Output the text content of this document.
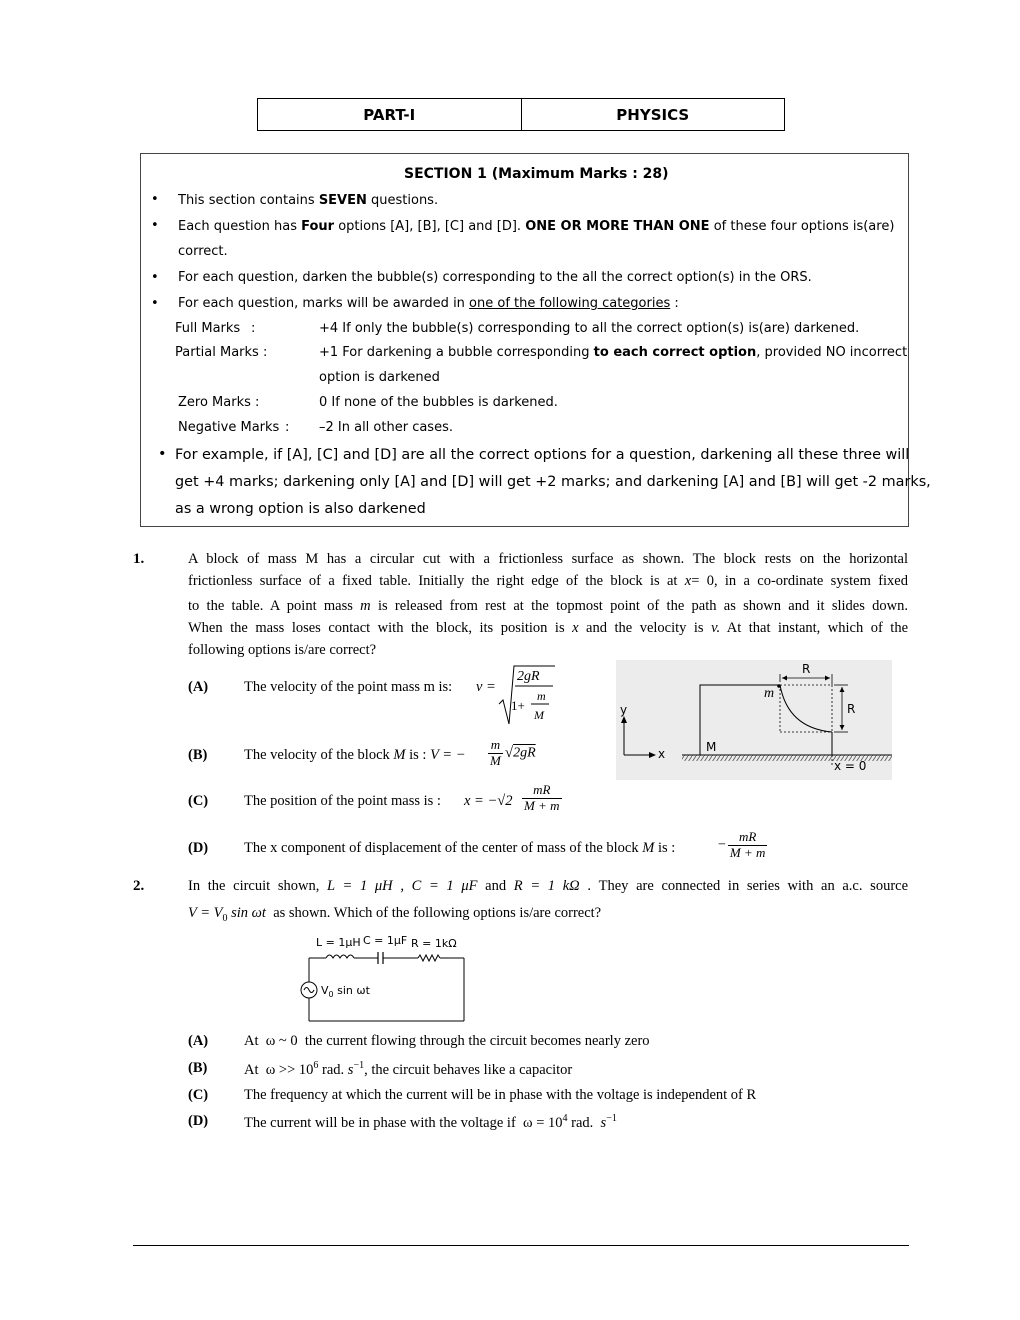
PART-I	PHYSICS
SECTION 1 (Maximum Marks : 28)
• This section contains SEVEN questions.
• Each question has Four options [A], [B], [C] and [D]. ONE OR MORE THAN ONE of these four options is(are)
correct.
• For each question, darken the bubble(s) corresponding to the all the correct option(s) in the ORS.
• For each question, marks will be awarded in one of the following categories :
Full Marks :	+4 If only the bubble(s) corresponding to all the correct option(s) is(are) darkened.
Partial Marks :	+1 For darkening a bubble corresponding to each correct option, provided NO incorrect
option is darkened
Zero Marks :	0 If none of the bubbles is darkened.
Negative Marks : –2 In all other cases.
• For example, if [A], [C] and [D] are all the correct options for a question, darkening all these three will
get +4 marks; darkening only [A] and [D] will get +2 marks; and darkening [A] and [B] will get -2 marks,
as a wrong option is also darkened
1.	A block of mass M has a circular cut with a frictionless surface as shown. The block rests on the horizontal
frictionless surface of a fixed table. Initially the right edge of the block is at x= 0, in a co-ordinate system fixed
to the table. A point mass m is released from rest at the topmost point of the path as shown and it slides down.
When the mass loses contact with the block, its position is x and the velocity is v. At that instant, which of the
following options is/are correct?
(A) The velocity of the point mass m is: v =
2gR
1+
m
M
(B)	The velocity of the block M is : V = − $\frac{m}{M} √2gR$
(C) The position of the point mass is : $x = -√2 \frac{mR}{M + m}$
(D) The x component of displacement of the center of mass of the block M is :	− $\frac{mR}{M + m}$
R
R
m
y
x	M
x = 0
2.	In the circuit shown, L = 1 μH , C = 1 μF and R = 1 kΩ . They are connected in series with an a.c. source
$V = V_0$ sin ωt as shown. Which of the following options is/are correct?
L = 1μH C = 1μF R = 1kΩ
$V_0$ sin ωt
(A) At ω ~ 0 the current flowing through the circuit becomes nearly zero
(B)	At $\omega >> 10^6$ rad. $s^{-1}$, the circuit behaves like a capacitor
(C) The frequency at which the current will be in phase with the voltage is independent of R
(D) The current will be in phase with the voltage if $\omega = 10^4$ rad. $s^{-1}$
